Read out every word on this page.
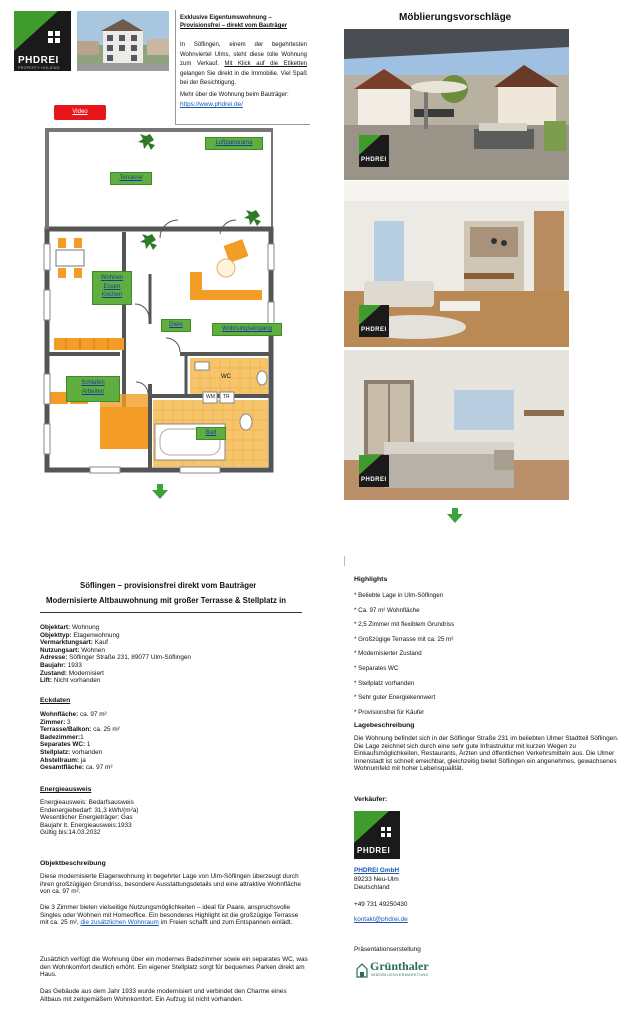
PHDREI
PROPERTY HOLDING
Exklusive Eigentumswohnung –
Provisionsfrei – direkt vom Bauträger
In Söflingen, einem der begehrtesten Wohnviertel Ulms, steht diese tolle Wohnung zum Verkauf. Mit Klick auf die Etiketten gelangen Sie direkt in die Immobilie. Viel Spaß bei der Besichtigung.
Mehr über die Wohnung beim Bauträger:
https://www.phdrei.de/
Video
Luftpanorama
Terrasse
Wohnen
Essen
Kochen
Diele
Wohnungseingang
Schlafen
Arbeiten
Bad
WC
WM TR
Möblierungsvorschläge
PHDREI
PHDREI
PHDREI
Söflingen – provisionsfrei direkt vom Bauträger
Modernisierte Altbauwohnung mit großer Terrasse & Stellplatz in
Objektart: Wohnung
Objekttyp: Etagenwohnung
Vermarktungsart: Kauf
Nutzungsart: Wohnen
Adresse: Söflinger Straße 231, 89077 Ulm-Söflingen
Baujahr: 1933
Zustand: Modernisiert
Lift: Nicht vorhanden
Eckdaten
Wohnfläche: ca. 97 m²
Zimmer: 3
Terrasse/Balkon: ca. 25 m²
Badezimmer:1
Separates WC: 1
Stellplatz: vorhanden
Abstellraum: ja
Gesamtfläche: ca. 97 m²
Energieausweis
Energieausweis: Bedarfsausweis
Endenergiebedarf: 31,3 kWh/(m²a)
Wesentlicher Energieträger: Gas
Baujahr lt. Energieausweis:1933
Gültig bis:14.03.2032
Objektbeschreibung
Diese modernisierte Etagenwohnung in begehrter Lage von Ulm-Söflingen überzeugt durch ihren großzügigen Grundriss, besondere Ausstattungsdetails und eine attraktive Wohnfläche von ca. 97 m².
Die 3 Zimmer bieten vielseitige Nutzungsmöglichkeiten – ideal für Paare, anspruchsvolle Singles oder Wohnen mit Homeoffice. Ein besonderes Highlight ist die großzügige Terrasse mit ca. 25 m², die zusätzlichen Wohnraum im Freien schafft und zum Entspannen einlädt.
Zusätzlich verfügt die Wohnung über ein modernes Badezimmer sowie ein separates WC, was den Wohnkomfort deutlich erhöht. Ein eigener Stellplatz sorgt für bequemes Parken direkt am Haus.
Das Gebäude aus dem Jahr 1933 wurde modernisiert und verbindet den Charme eines Altbaus mit zeitgemäßem Wohnkomfort. Ein Aufzug ist nicht vorhanden.
Highlights
* Beliebte Lage in Ulm-Söflingen
* Ca. 97 m² Wohnfläche
* 2,5 Zimmer mit flexiblem Grundriss
* Großzügige Terrasse mit ca. 25 m²
* Modernisierter Zustand
* Separates WC
* Stellplatz vorhanden
* Sehr guter Energiekennwert
* Provisionsfrei für Käufer
Lagebeschreibung
Die Wohnung befindet sich in der Söflinger Straße 231 im beliebten Ulmer Stadtteil Söflingen. Die Lage zeichnet sich durch eine sehr gute Infrastruktur mit kurzen Wegen zu Einkaufsmöglichkeiten, Restaurants, Ärzten und öffentlichen Verkehrsmitteln aus. Die Ulmer Innenstadt ist schnell erreichbar, gleichzeitig bietet Söflingen ein angenehmes, gewachsenes Wohnumfeld mit hoher Lebensqualität.
Verkäufer:
PHDREI
PHDREI GmbH
89233 Neu-Ulm
Deutschland
+49 731 49250430
kontakt@phdrei.de
Präsentationserstellung
Grünthaler
IMMOBILIENVERMARKTUNG
